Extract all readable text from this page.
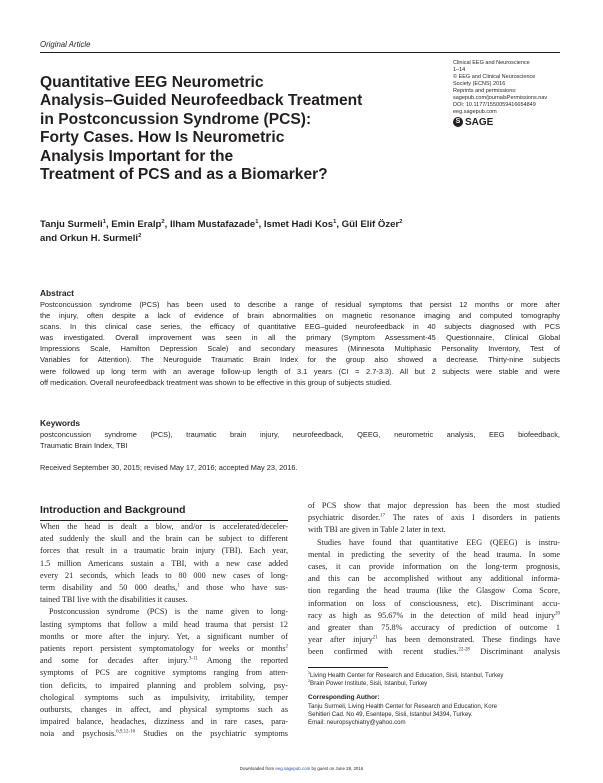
Original Article
Quantitative EEG Neurometric
Analysis–Guided Neurofeedback Treatment
in Postconcussion Syndrome (PCS):
Forty Cases. How Is Neurometric
Analysis Important for the
Treatment of PCS and as a Biomarker?
Clinical EEG and Neuroscience
1–14
© EEG and Clinical Neuroscience
Society (ECNS) 2016
Reprints and permissions:
sagepub.com/journalsPermissions.nav
DOI: 10.1177/1550059416654849
eeg.sagepub.com
S SAGE
Tanju Surmeli$^1$, Emin Eralp$^2$, Ilham Mustafazade$^1$, Ismet Hadi Kos$^1$, Gül Elif Özer$^2$
and Orkun H. Surmeli$^2$
Abstract
Postconcussion syndrome (PCS) has been used to describe a range of residual symptoms that persist 12 months or more after
the injury, often despite a lack of evidence of brain abnormalities on magnetic resonance imaging and computed tomography
scans. In this clinical case series, the efficacy of quantitative EEG–guided neurofeedback in 40 subjects diagnosed with PCS
was investigated. Overall improvement was seen in all the primary (Symptom Assessment-45 Questionnaire, Clinical Global
Impressions Scale, Hamilton Depression Scale) and secondary measures (Minnesota Multiphasic Personality Inventory, Test of
Variables for Attention). The Neuroguide Traumatic Brain Index for the group also showed a decrease. Thirty-nine subjects
were followed up long term with an average follow-up length of 3.1 years (CI = 2.7-3.3). All but 2 subjects were stable and were
off medication. Overall neurofeedback treatment was shown to be effective in this group of subjects studied.
Keywords
postconcussion syndrome (PCS), traumatic brain injury, neurofeedback, QEEG, neurometric analysis, EEG biofeedback,
Traumatic Brain Index, TBI
Received September 30, 2015; revised May 17, 2016; accepted May 23, 2016.
Introduction and Background
When the head is dealt a blow, and/or is accelerated/deceler-
ated suddenly the skull and the brain can be subject to different
forces that result in a traumatic brain injury (TBI). Each year,
1.5 million Americans sustain a TBI, with a new case added
every 21 seconds, which leads to 80 000 new cases of long-
term disability and 50 000 deaths,$^1$ and those who have sus-
tained TBI live with the disabilities it causes.
Postconcussion syndrome (PCS) is the name given to long-
lasting symptoms that follow a mild head trauma that persist 12
months or more after the injury. Yet, a significant number of
patients report persistent symptomatology for weeks or months$^2$
and some for decades after injury.$^{3-11}$ Among the reported
symptoms of PCS are cognitive symptoms ranging from atten-
tion deficits, to impaired planning and problem solving, psy-
chological symptoms such as impulsivity, irritability, temper
outbursts, changes in affect, and physical symptoms such as
impaired balance, headaches, dizziness and in rare cases, para-
noia and psychosis.$^{6,9,12-16}$ Studies on the psychiatric symptoms
of PCS show that major depression has been the most studied
psychiatric disorder.$^{17}$ The rates of axis I disorders in patients
with TBI are given in Table 2 later in text.
Studies have found that quantitative EEG (QEEG) is instru-
mental in predicting the severity of the head trauma. In some
cases, it can provide information on the long-term prognosis,
and this can be accomplished without any additional informa-
tion regarding the head trauma (like the Glasgow Coma Score,
information on loss of consciousness, etc). Discriminant accu-
racy as high as 95.67% in the detection of mild head injury$^{20}$
and greater than 75.8% accuracy of prediction of outcome 1
year after injury$^{21}$ has been demonstrated. These findings have
been confirmed with recent studies.$^{22-28}$ Discriminant analysis
$^1$Living Health Center for Research and Education, Sisli, Istanbul, Turkey
$^2$Brain Power Institute, Sisli, Istanbul, Turkey
Corresponding Author:
Tanju Surmeli, Living Health Center for Research and Education, Kore
Sehitleri Cad. No 49, Esentepe, Sisli, Istanbul 34394, Turkey.
Email: neuropsychiatry@yahoo.com
Downloaded from eeg.sagepub.com by guest on June 29, 2016
